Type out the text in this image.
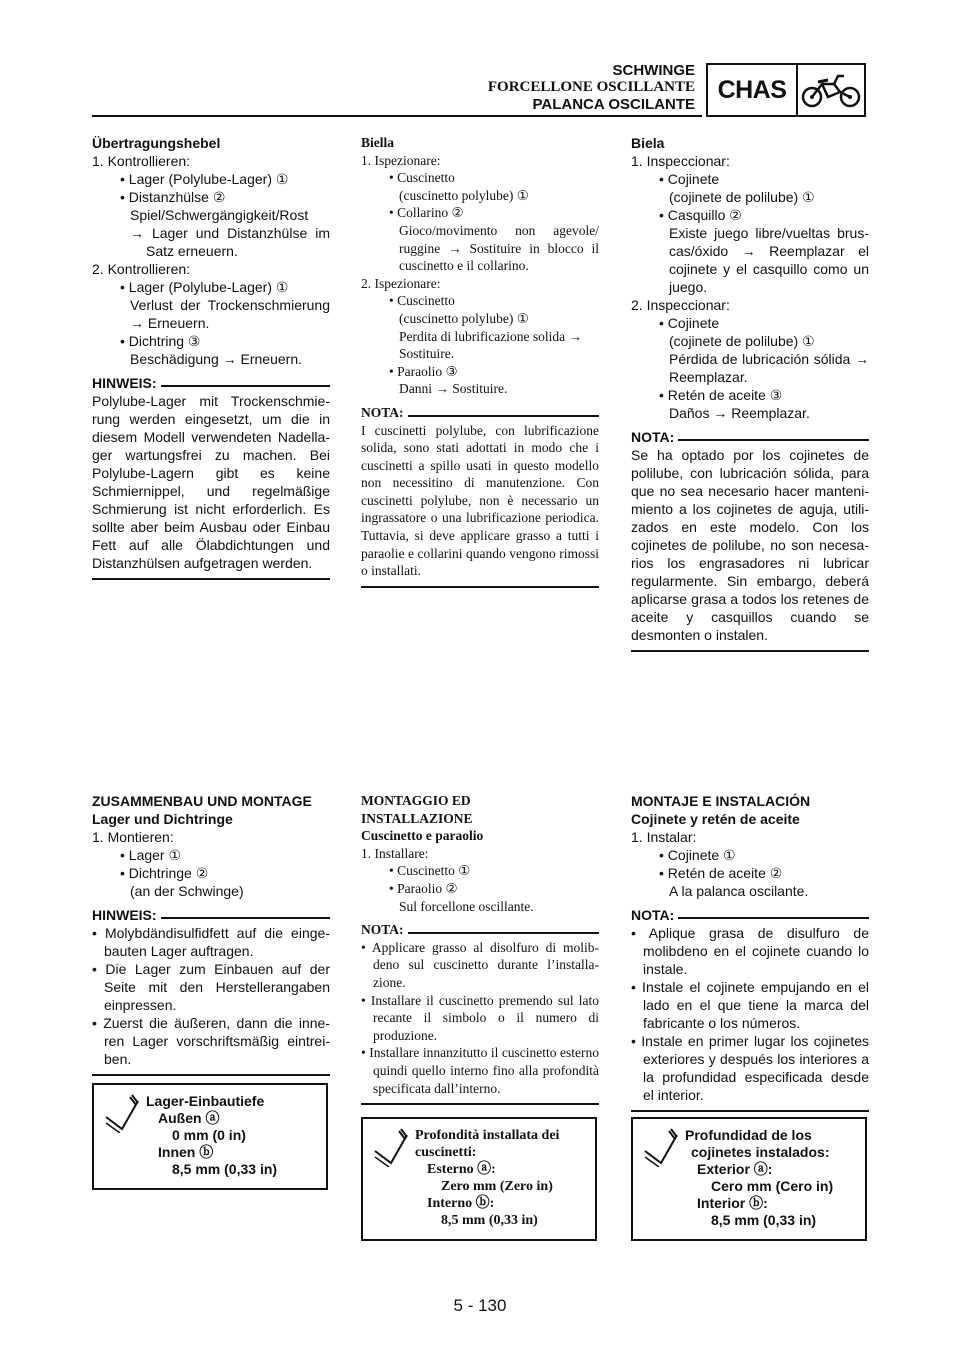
SCHWINGE
FORCELLONE OSCILLANTE
PALANCA OSCILANTE
CHAS

Übertragungshebel

1. Kontrollieren:

• Lager (Polylube-Lager) ①

• Distanzhülse ②

Spiel/Schwergängigkeit/Rost

→ Lager und Distanzhülse im Satz erneuern.

2. Kontrollieren:

• Lager (Polylube-Lager) ①

Verlust der Trockenschmierung → Erneuern.

• Dichtring ③

Beschädigung → Erneuern.

HINWEIS:

Polylube-Lager mit Trockenschmierung werden eingesetzt, um die in diesem Modell verwendeten Nadellager wartungsfrei zu machen. Bei Polylube-Lagern gibt es keine Schmiernippel, und regelmäßige Schmierung ist nicht erforderlich. Es sollte aber beim Ausbau oder Einbau Fett auf alle Ölabdichtungen und Distanzhülsen aufgetragen werden.

Biella

1. Ispezionare:

• Cuscinetto

(cuscinetto polylube) ①

• Collarino ②

Gioco/movimento non agevole/ ruggine → Sostituire in blocco il cuscinetto e il collarino.

2. Ispezionare:

• Cuscinetto

(cuscinetto polylube) ①

Perdita di lubrificazione solida → Sostituire.

• Paraolio ③

Danni → Sostituire.

NOTA:

I cuscinetti polylube, con lubrificazione solida, sono stati adottati in modo che i cuscinetti a spillo usati in questo modello non necessitino di manutenzione. Con cuscinetti polylube, non è necessario un ingrassatore o una lubrificazione periodica. Tuttavia, si deve applicare grasso a tutti i paraolie e collarini quando vengono rimossi o installati.

Biela

1. Inspeccionar:

• Cojinete

(cojinete de polilube) ①

• Casquillo ②

Existe juego libre/vueltas bruscas/óxido → Reemplazar el cojinete y el casquillo como un juego.

2. Inspeccionar:

• Cojinete

(cojinete de polilube) ①

Pérdida de lubricación sólida → Reemplazar.

• Retén de aceite ③

Daños → Reemplazar.

NOTA:

Se ha optado por los cojinetes de polilube, con lubricación sólida, para que no sea necesario hacer mantenimiento a los cojinetes de aguja, utilizados en este modelo. Con los cojinetes de polilube, no son necesarios los engrasadores ni lubricar regularmente. Sin embargo, deberá aplicarse grasa a todos los retenes de aceite y casquillos cuando se desmonten o instalen.

ZUSAMMENBAU UND MONTAGE

Lager und Dichtringe

1. Montieren:

• Lager ①

• Dichtringe ②

(an der Schwinge)

HINWEIS:

• Molybdändisulfidfett auf die eingebauten Lager auftragen.

• Die Lager zum Einbauen auf der Seite mit den Herstellerangaben einpressen.

• Zuerst die äußeren, dann die inneren Lager vorschriftsmäßig eintreiben.

Lager-Einbautiefe
Außen ⓐ
0 mm (0 in)
Innen ⓑ
8,5 mm (0,33 in)

MONTAGGIO ED

INSTALLAZIONE

Cuscinetto e paraolio

1. Installare:

• Cuscinetto ①

• Paraolio ②

Sul forcellone oscillante.

NOTA:

• Applicare grasso al disolfuro di molibdeno sul cuscinetto durante l’installazione.

• Installare il cuscinetto premendo sul lato recante il simbolo o il numero di produzione.

• Installare innanzitutto il cuscinetto esterno quindi quello interno fino alla profondità specificata dall’interno.

Profondità installata dei
cuscinetti:
Esterno ⓐ:
Zero mm (Zero in)
Interno ⓑ:
8,5 mm (0,33 in)

MONTAJE E INSTALACIÓN

Cojinete y retén de aceite

1. Instalar:

• Cojinete ①

• Retén de aceite ②

A la palanca oscilante.

NOTA:

• Aplique grasa de disulfuro de molibdeno en el cojinete cuando lo instale.

• Instale el cojinete empujando en el lado en el que tiene la marca del fabricante o los números.

• Instale en primer lugar los cojinetes exteriores y después los interiores a la profundidad especificada desde el interior.

Profundidad de los
cojinetes instalados:
Exterior ⓐ:
Cero mm (Cero in)
Interior ⓑ:
8,5 mm (0,33 in)
5 - 130
